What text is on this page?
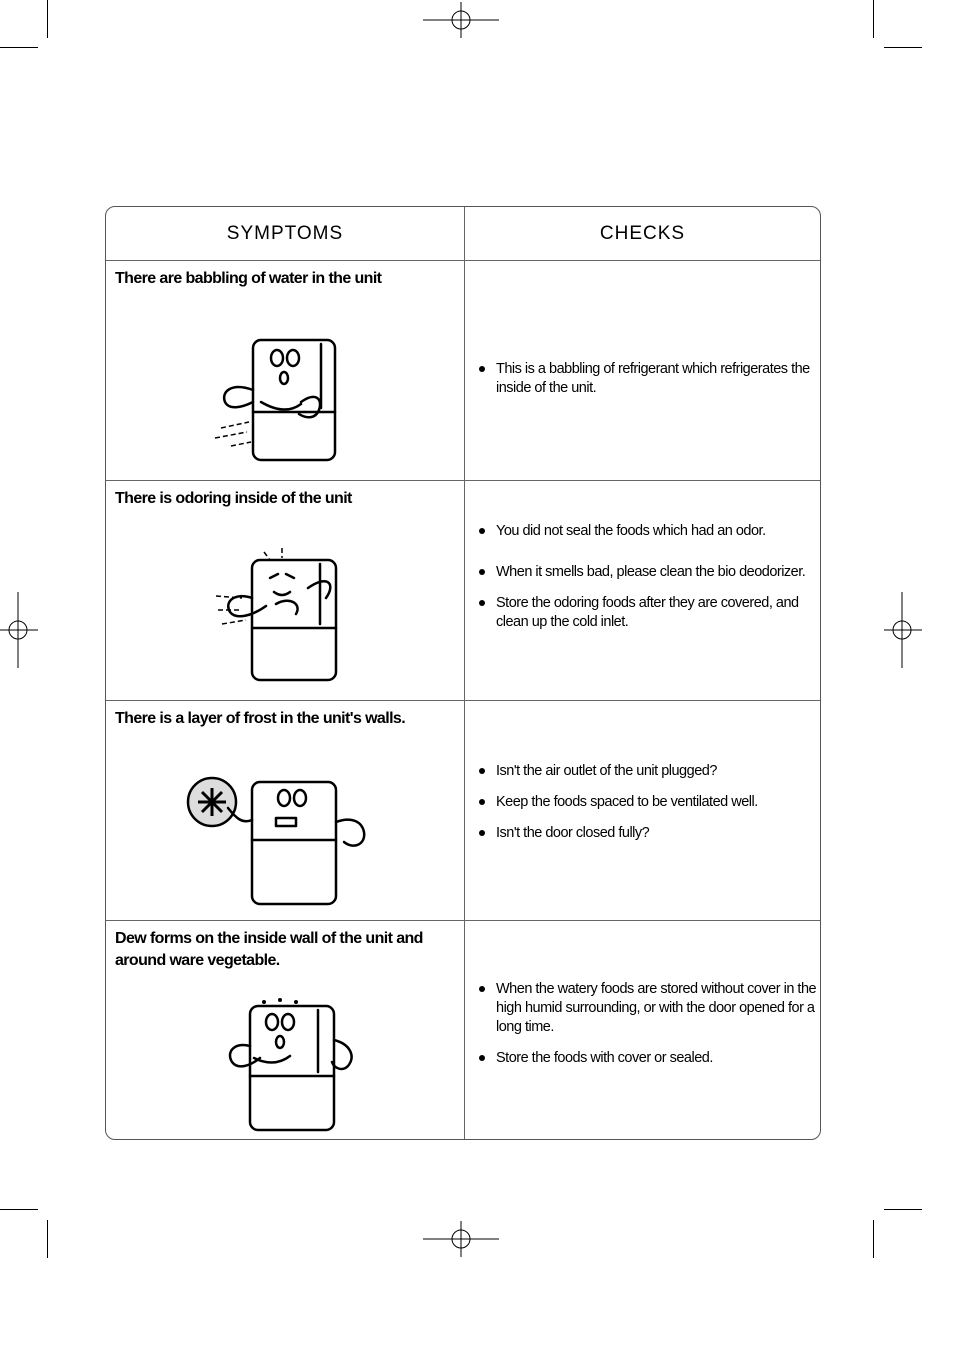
SYMPTOMS	CHECKS
There are babbling of water in the unit
This is a babbling of refrigerant which refrigerates the inside of the unit.
There is odoring inside of the unit
You did not seal the foods which had an odor.
When it smells bad, please clean the bio deodorizer.
Store the odoring foods after they are covered, and clean up the cold inlet.
There is a layer of frost in the unit's walls.
Isn't the air outlet of the unit plugged?
Keep the foods spaced to be ventilated well.
Isn't the door closed fully?
Dew forms on the inside wall of the unit and around ware vegetable.
When the watery foods are stored without cover in the high humid surrounding, or with the door opened for a long time.
Store the foods with cover or sealed.
